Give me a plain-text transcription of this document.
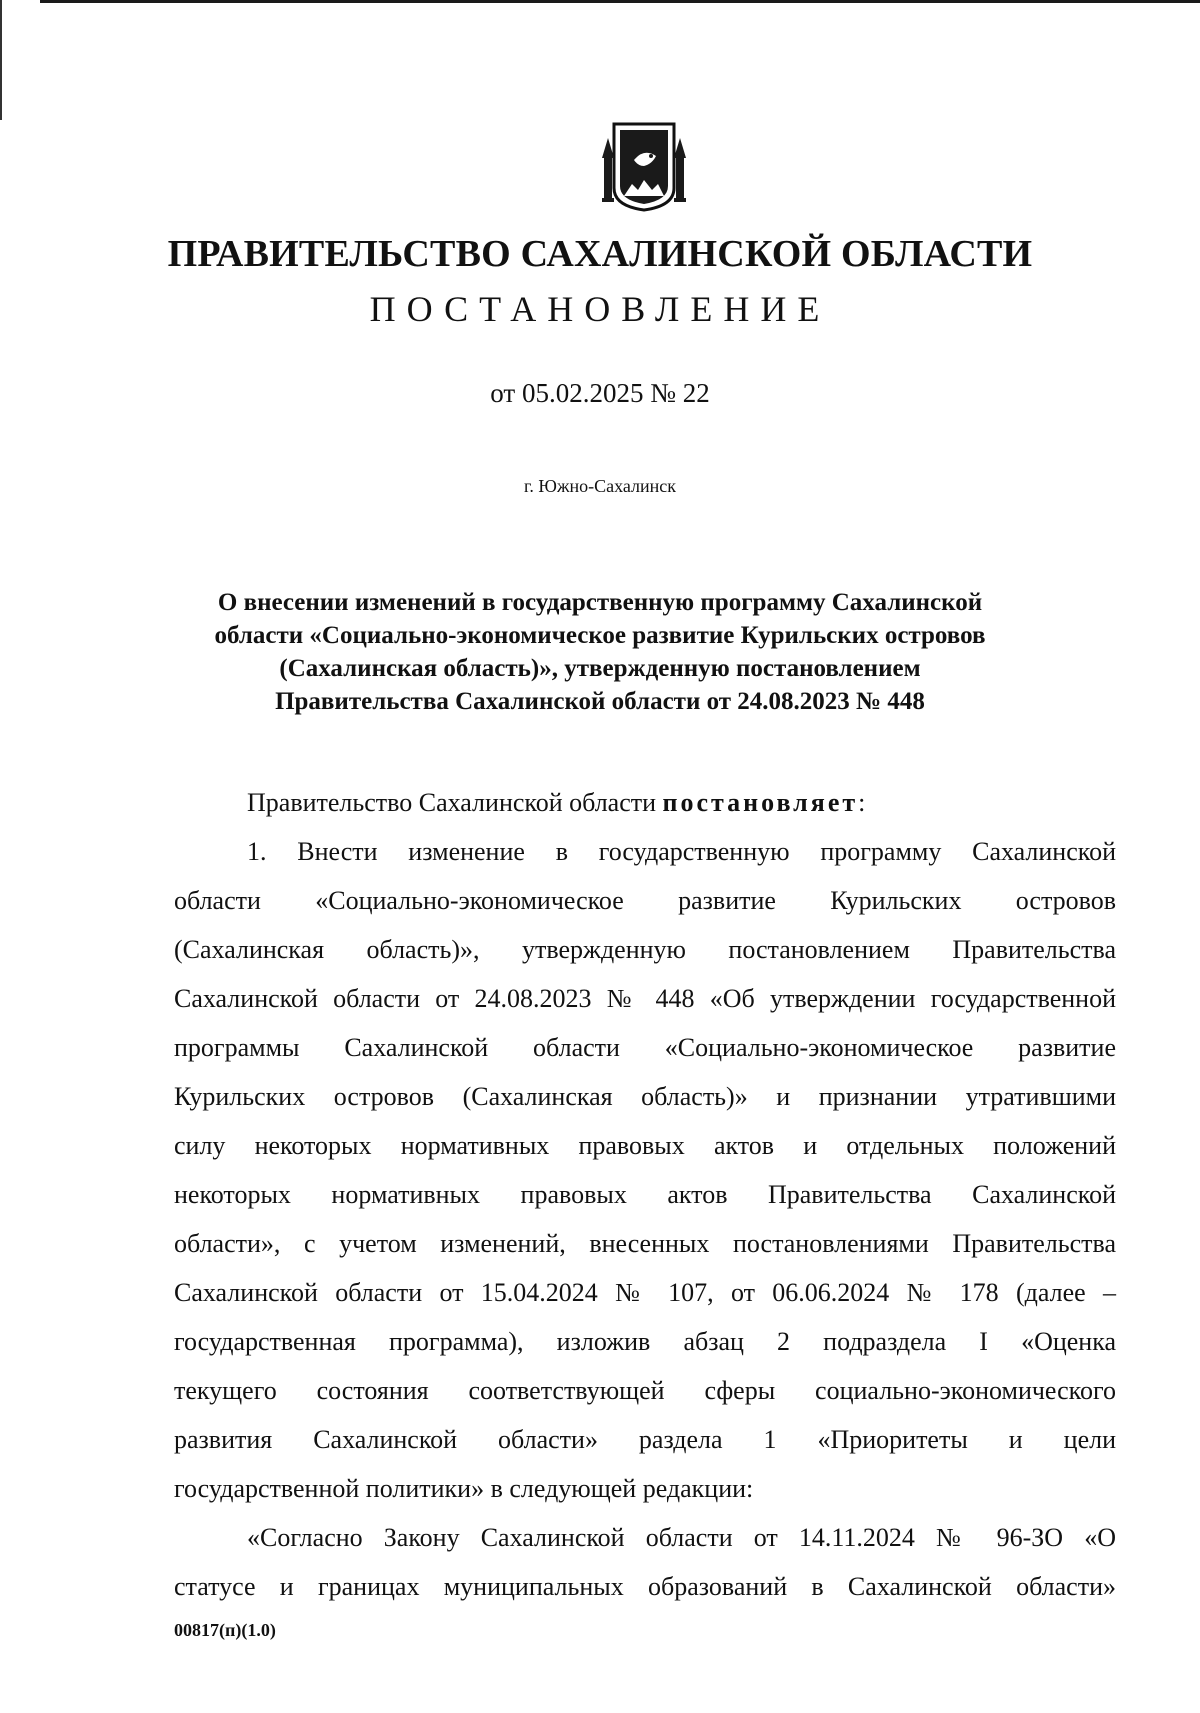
ПРАВИТЕЛЬСТВО САХАЛИНСКОЙ ОБЛАСТИ
ПОСТАНОВЛЕНИЕ
от 05.02.2025 № 22
г. Южно-Сахалинск
О внесении изменений в государственную программу Сахалинской
области «Социально-экономическое развитие Курильских островов
(Сахалинская область)», утвержденную постановлением
Правительства Сахалинской области от 24.08.2023 № 448
Правительство Сахалинской области постановляет:
1. Внести изменение в государственную программу Сахалинской
области «Социально-экономическое развитие Курильских островов
(Сахалинская область)», утвержденную постановлением Правительства
Сахалинской области от 24.08.2023 № 448 «Об утверждении государственной
программы Сахалинской области «Социально-экономическое развитие
Курильских островов (Сахалинская область)» и признании утратившими
силу некоторых нормативных правовых актов и отдельных положений
некоторых нормативных правовых актов Правительства Сахалинской
области», с учетом изменений, внесенных постановлениями Правительства
Сахалинской области от 15.04.2024 № 107, от 06.06.2024 № 178 (далее –
государственная программа), изложив абзац 2 подраздела I «Оценка
текущего состояния соответствующей сферы социально-экономического
развития Сахалинской области» раздела 1 «Приоритеты и цели
государственной политики» в следующей редакции:
«Согласно Закону Сахалинской области от 14.11.2024 № 96-ЗО «О
статусе и границах муниципальных образований в Сахалинской области»
00817(п)(1.0)
